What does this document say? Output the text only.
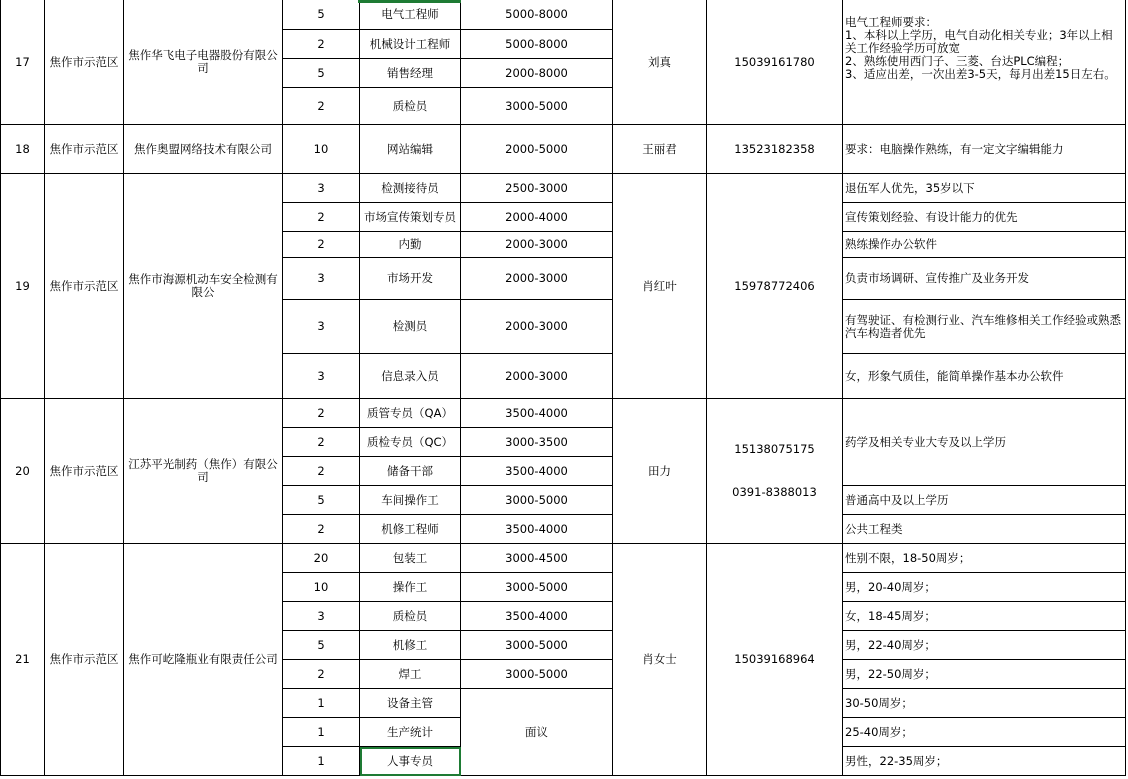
17	焦作市示范区	焦作华飞电子电器股份有限公司	5	电气工程师	5000-8000	刘真	15039161780	电气工程师要求：
1、本科以上学历，电气自动化相关专业；3年以上相关工作经验学历可放宽
2、熟练使用西门子、三菱、台达PLC编程；
3、适应出差，一次出差3-5天，每月出差15日左右。
			2	机械设计工程师	5000-8000			
			5	销售经理	2000-8000			
			2	质检员	3000-5000			
18	焦作市示范区	焦作奥盟网络技术有限公司	10	网站编辑	2000-5000	王丽君	13523182358	要求：电脑操作熟练，有一定文字编辑能力
19	焦作市示范区	焦作市海源机动车安全检测有限公	3	检测接待员	2500-3000	肖红叶	15978772406	退伍军人优先，35岁以下
			2	市场宣传策划专员	2000-4000			宣传策划经验、有设计能力的优先
			2	内勤	2000-3000			熟练操作办公软件
			3	市场开发	2000-3000			负责市场调研、宣传推广及业务开发
			3	检测员	2000-3000			有驾驶证、有检测行业、汽车维修相关工作经验或熟悉汽车构造者优先
			3	信息录入员	2000-3000			女，形象气质佳，能简单操作基本办公软件
20	焦作市示范区	江苏平光制药（焦作）有限公司	2	质管专员（QA）	3500-4000	田力	15138075175
0391-8388013	药学及相关专业大专及以上学历
			2	质检专员（QC）	3000-3500			
			2	储备干部	3500-4000			
			5	车间操作工	3000-5000			普通高中及以上学历
			2	机修工程师	3500-4000			公共工程类
21	焦作市示范区	焦作可屹隆瓶业有限责任公司	20	包装工	3000-4500	肖女士	15039168964	性别不限，18-50周岁；
			10	操作工	3000-5000			男，20-40周岁；
			3	质检员	3500-4000			女，18-45周岁；
			5	机修工	3000-5000			男，22-40周岁；
			2	焊工	3000-5000			男，22-50周岁；
			1	设备主管	面议			30-50周岁；
			1	生产统计				25-40周岁；
			1	人事专员				男性，22-35周岁；
